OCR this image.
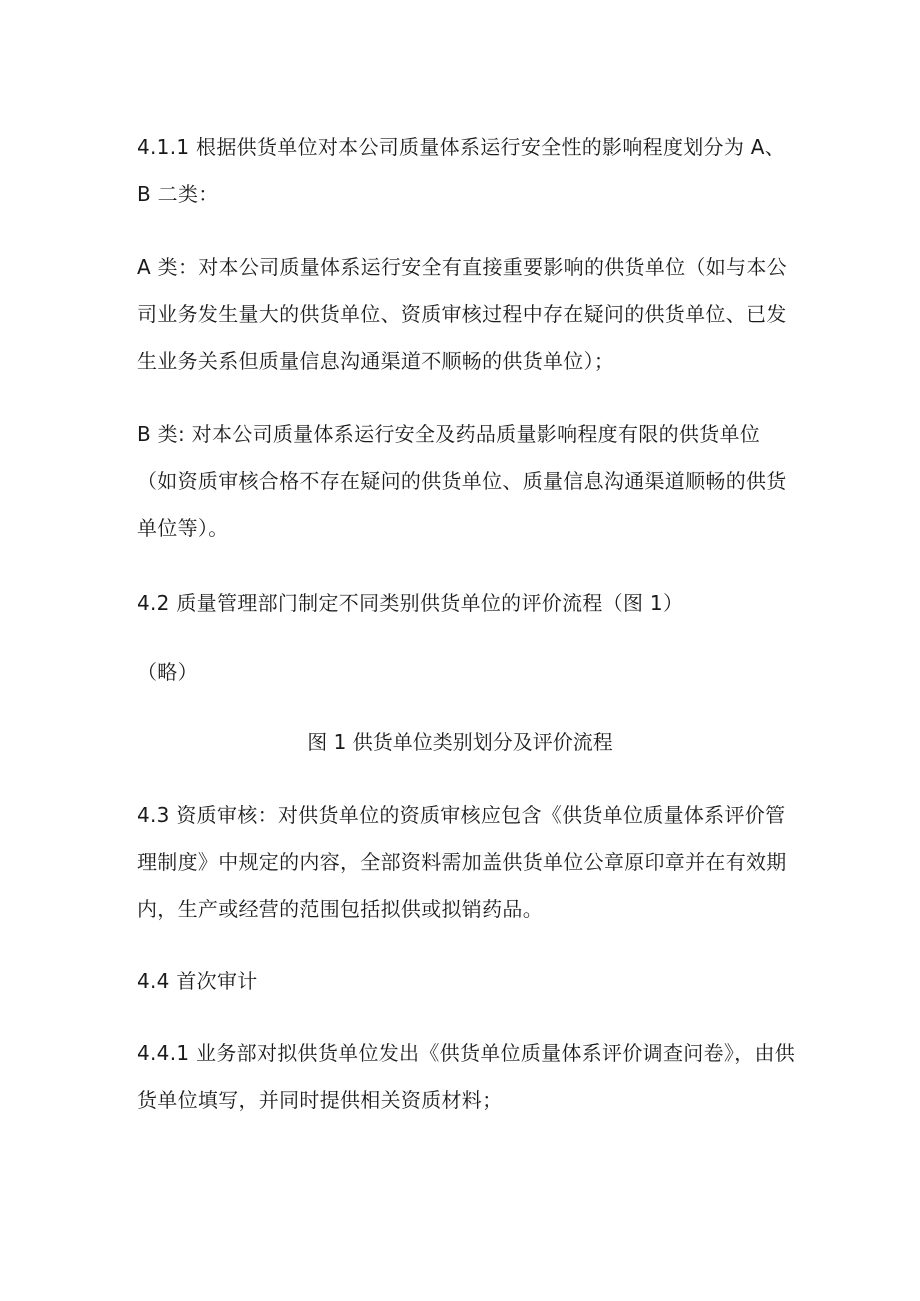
4.1.1 根据供货单位对本公司质量体系运行安全性的影响程度划分为 A、B 二类：

A 类：对本公司质量体系运行安全有直接重要影响的供货单位（如与本公司业务发生量大的供货单位、资质审核过程中存在疑问的供货单位、已发生业务关系但质量信息沟通渠道不顺畅的供货单位）；

B 类: 对本公司质量体系运行安全及药品质量影响程度有限的供货单位（如资质审核合格不存在疑问的供货单位、质量信息沟通渠道顺畅的供货单位等）。

4.2 质量管理部门制定不同类别供货单位的评价流程（图 1）

（略）

图 1 供货单位类别划分及评价流程

4.3 资质审核：对供货单位的资质审核应包含《供货单位质量体系评价管理制度》中规定的内容，全部资料需加盖供货单位公章原印章并在有效期内，生产或经营的范围包括拟供或拟销药品。

4.4 首次审计

4.4.1 业务部对拟供货单位发出《供货单位质量体系评价调查问卷》，由供货单位填写，并同时提供相关资质材料；
